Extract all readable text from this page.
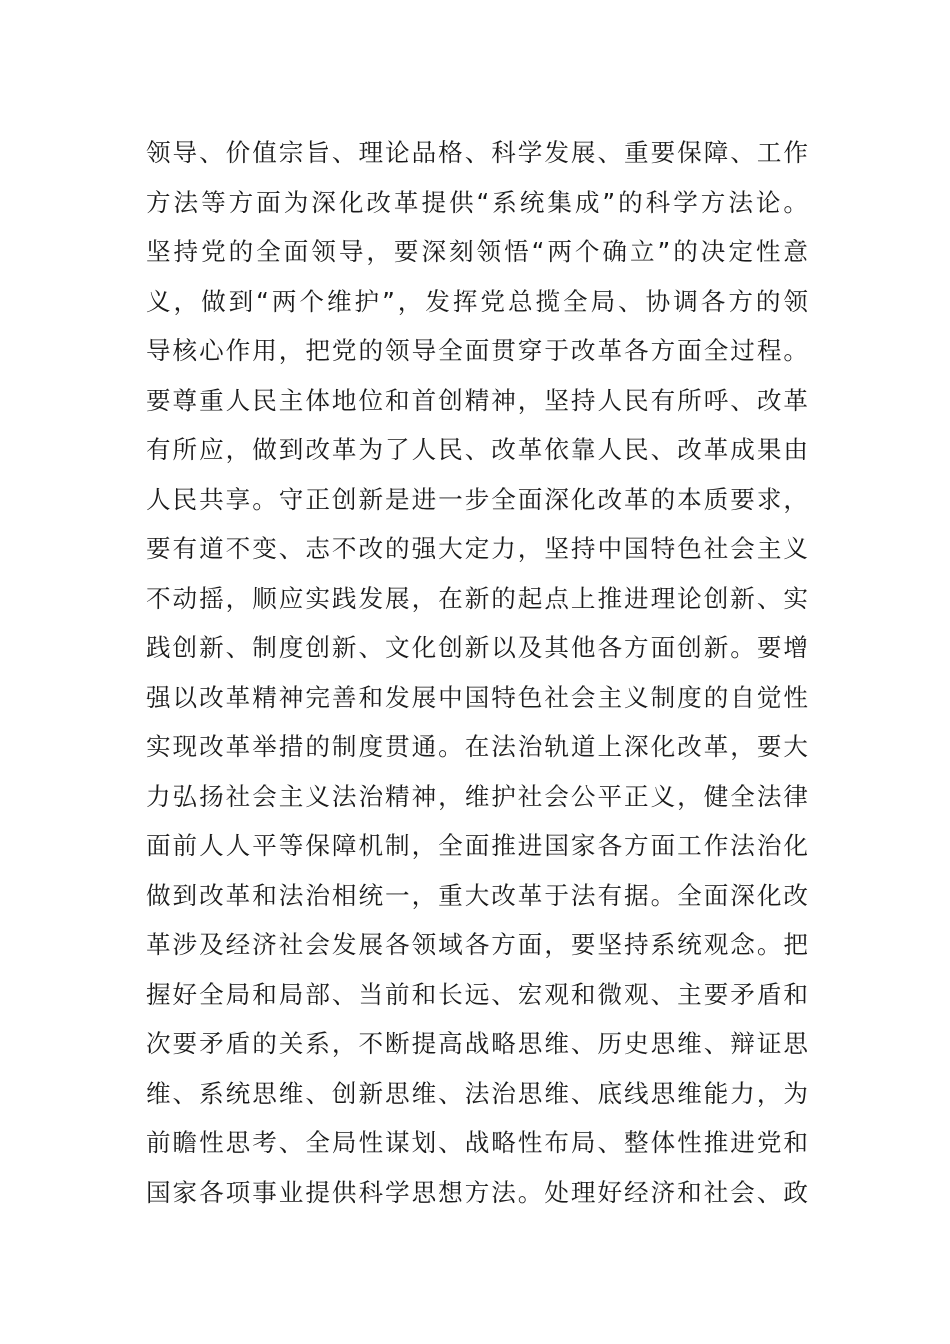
领导、价值宗旨、理论品格、科学发展、重要保障、工作
方法等方面为深化改革提供“系统集成”的科学方法论。
坚持党的全面领导，要深刻领悟“两个确立”的决定性意
义，做到“两个维护”，发挥党总揽全局、协调各方的领
导核心作用，把党的领导全面贯穿于改革各方面全过程。
要尊重人民主体地位和首创精神，坚持人民有所呼、改革
有所应，做到改革为了人民、改革依靠人民、改革成果由
人民共享。守正创新是进一步全面深化改革的本质要求，
要有道不变、志不改的强大定力，坚持中国特色社会主义
不动摇，顺应实践发展，在新的起点上推进理论创新、实
践创新、制度创新、文化创新以及其他各方面创新。要增
强以改革精神完善和发展中国特色社会主义制度的自觉性
实现改革举措的制度贯通。在法治轨道上深化改革，要大
力弘扬社会主义法治精神，维护社会公平正义，健全法律
面前人人平等保障机制，全面推进国家各方面工作法治化
做到改革和法治相统一，重大改革于法有据。全面深化改
革涉及经济社会发展各领域各方面，要坚持系统观念。把
握好全局和局部、当前和长远、宏观和微观、主要矛盾和
次要矛盾的关系，不断提高战略思维、历史思维、辩证思
维、系统思维、创新思维、法治思维、底线思维能力，为
前瞻性思考、全局性谋划、战略性布局、整体性推进党和
国家各项事业提供科学思想方法。处理好经济和社会、政
